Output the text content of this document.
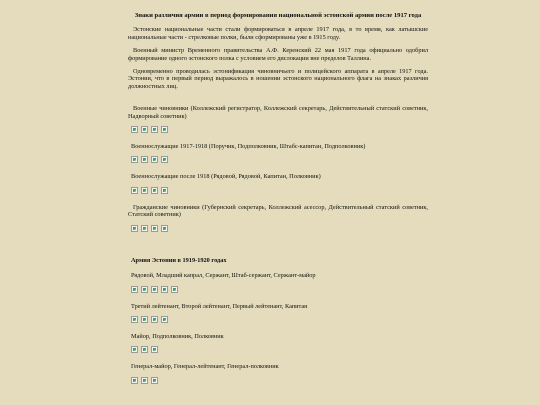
Знаки различия армии в период формирования национальной эстонской армии после 1917 года
Эстонские национальные части стали формироваться в апреле 1917 года, в то время, как латышские национальные части - стрелковые полки, были сформированы уже в 1915 году.
Военный министр Временного правительства А.Ф. Керенский 22 мая 1917 года официально одобрил формирование одного эстонского полка с условием его дислокации вне пределов Таллина.
Одновременно проводилась эстонификация чиновничьего и полицейского аппарата в апреле 1917 года. Эстонии, что в первый период выражалось в ношении эстонского национального флага на знаках различия должностных лиц.
Военные чиновники (Коллежский регистратор, Коллежский секретарь, Действительный статский советник, Надворный советник)
Военнослужащие 1917-1918 (Поручик, Подполковник, Штабс-капитан, Подполковник)
Военнослужащие после 1918 (Рядовой, Рядовой, Капитан, Полковник)
Гражданские чиновники (Губернский секретарь, Коллежский асессор, Действительный статский советник, Статский советник)
Армия Эстонии в 1919-1920 годах
Рядовой, Младший капрал, Сержант, Штаб-сержант, Сержант-майор
Третий лейтенант, Второй лейтенант, Первый лейтенант, Капитан
Майор, Подполковник, Полковник
Генерал-майор, Генерал-лейтенант, Генерал-полковник
